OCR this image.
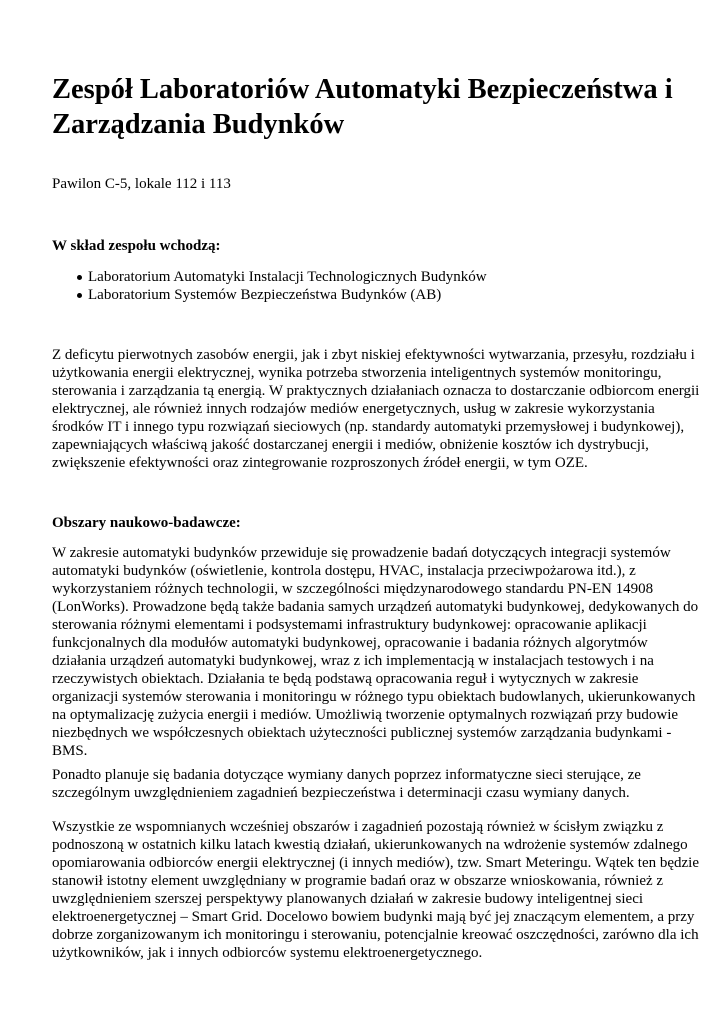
Zespół Laboratoriów Automatyki Bezpieczeństwa i Zarządzania Budynków

Pawilon C-5, lokale 112 i 113

W skład zespołu wchodzą:

Laboratorium Automatyki Instalacji Technologicznych Budynków
Laboratorium Systemów Bezpieczeństwa Budynków (AB)
Z deficytu pierwotnych zasobów energii, jak i zbyt niskiej efektywności wytwarzania, przesyłu, rozdziału i
użytkowania energii elektrycznej, wynika potrzeba stworzenia inteligentnych systemów monitoringu,
sterowania i zarządzania tą energią. W praktycznych działaniach oznacza to dostarczanie odbiorcom energii
elektrycznej, ale również innych rodzajów mediów energetycznych, usług w zakresie wykorzystania
środków IT i innego typu rozwiązań sieciowych (np. standardy automatyki przemysłowej i budynkowej),
zapewniających właściwą jakość dostarczanej energii i mediów, obniżenie kosztów ich dystrybucji,
zwiększenie efektywności oraz zintegrowanie rozproszonych źródeł energii, w tym OZE.

Obszary naukowo-badawcze:

W zakresie automatyki budynków przewiduje się prowadzenie badań dotyczących integracji systemów
automatyki budynków (oświetlenie, kontrola dostępu, HVAC, instalacja przeciwpożarowa itd.), z
wykorzystaniem różnych technologii, w szczególności międzynarodowego standardu PN-EN 14908
(LonWorks). Prowadzone będą także badania samych urządzeń automatyki budynkowej, dedykowanych do
sterowania różnymi elementami i podsystemami infrastruktury budynkowej: opracowanie aplikacji
funkcjonalnych dla modułów automatyki budynkowej, opracowanie i badania różnych algorytmów
działania urządzeń automatyki budynkowej, wraz z ich implementacją w instalacjach testowych i na
rzeczywistych obiektach. Działania te będą podstawą opracowania reguł i wytycznych w zakresie
organizacji systemów sterowania i monitoringu w różnego typu obiektach budowlanych, ukierunkowanych
na optymalizację zużycia energii i mediów. Umożliwią tworzenie optymalnych rozwiązań przy budowie
niezbędnych we współczesnych obiektach użyteczności publicznej systemów zarządzania budynkami -
BMS.
Ponadto planuje się badania dotyczące wymiany danych poprzez informatyczne sieci sterujące, ze
szczególnym uwzględnieniem zagadnień bezpieczeństwa i determinacji czasu wymiany danych.
Wszystkie ze wspomnianych wcześniej obszarów i zagadnień pozostają również w ścisłym związku z
podnoszoną w ostatnich kilku latach kwestią działań, ukierunkowanych na wdrożenie systemów zdalnego
opomiarowania odbiorców energii elektrycznej (i innych mediów), tzw. Smart Meteringu. Wątek ten będzie
stanowił istotny element uwzględniany w programie badań oraz w obszarze wnioskowania, również z
uwzględnieniem szerszej perspektywy planowanych działań w zakresie budowy inteligentnej sieci
elektroenergetycznej – Smart Grid. Docelowo bowiem budynki mają być jej znaczącym elementem, a przy
dobrze zorganizowanym ich monitoringu i sterowaniu, potencjalnie kreować oszczędności, zarówno dla ich
użytkowników, jak i innych odbiorców systemu elektroenergetycznego.
